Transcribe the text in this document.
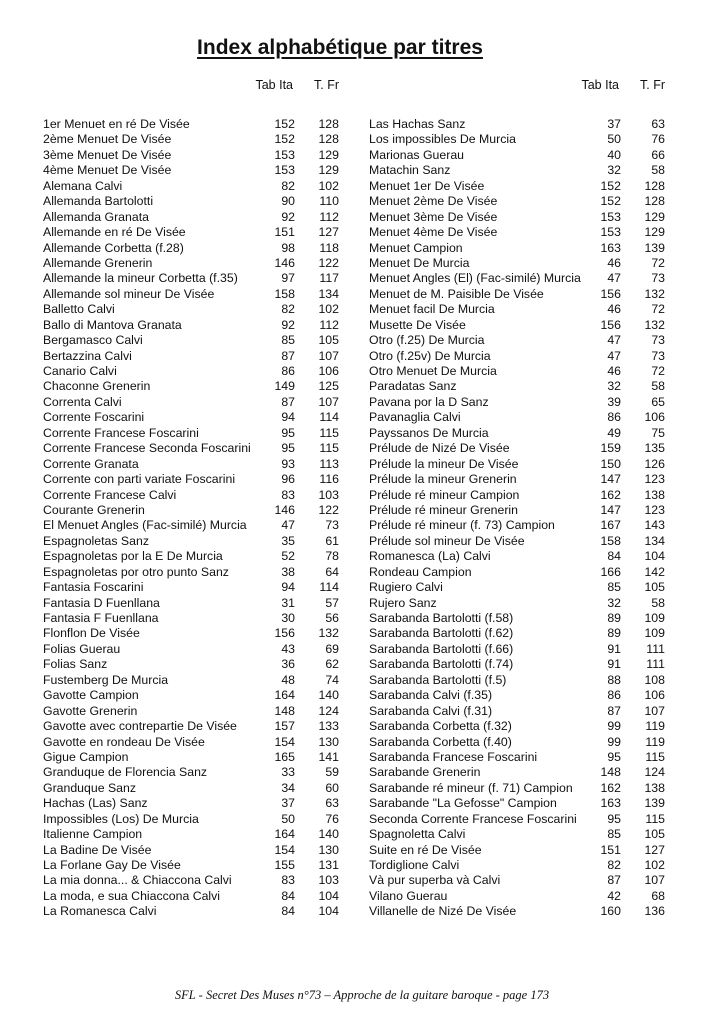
Index alphabétique par titres
Tab Ita T. Fr
1er Menuet en ré De Visée	152 128
2ème Menuet De Visée	152 128
3ème Menuet De Visée	153 129
4ème Menuet De Visée	153 129
Alemana Calvi	82 102
Allemanda Bartolotti	90 110
Allemanda Granata	92 112
Allemande en ré De Visée	151 127
Allemande Corbetta (f.28)	98 118
Allemande Grenerin	146 122
Allemande la mineur Corbetta (f.35)	97 117
Allemande sol mineur De Visée	158 134
Balletto Calvi	82 102
Ballo di Mantova Granata	92 112
Bergamasco Calvi	85 105
Bertazzina Calvi	87 107
Canario Calvi	86 106
Chaconne Grenerin	149 125
Correnta Calvi	87 107
Corrente Foscarini	94 114
Corrente Francese Foscarini	95 115
Corrente Francese Seconda Foscarini 95 115
Corrente Granata	93 113
Corrente con parti variate Foscarini	96 116
Corrente Francese Calvi	83 103
Courante Grenerin	146 122
El Menuet Angles (Fac-similé) Murcia	47 73
Espagnoletas Sanz	35 61
Espagnoletas por la E De Murcia	52 78
Espagnoletas por otro punto Sanz	38 64
Fantasia Foscarini	94 114
Fantasia D Fuenllana	31 57
Fantasia F Fuenllana	30 56
Flonflon De Visée	156 132
Folias Guerau	43 69
Folias Sanz	36 62
Fustemberg De Murcia	48 74
Gavotte Campion	164 140
Gavotte Grenerin	148 124
Gavotte avec contrepartie De Visée	157 133
Gavotte en rondeau De Visée	154 130
Gigue Campion	165 141
Granduque de Florencia Sanz	33 59
Granduque Sanz	34 60
Hachas (Las) Sanz	37 63
Impossibles (Los) De Murcia	50 76
Italienne Campion	164 140
La Badine De Visée	154 130
La Forlane Gay De Visée	155 131
La mia donna... & Chiaccona Calvi	83 103
La moda, e sua Chiaccona Calvi	84 104
La Romanesca Calvi	84 104
Tab Ita T. Fr
Las Hachas Sanz	37 63
Los impossibles De Murcia	50 76
Marionas Guerau	40 66
Matachin Sanz	32 58
Menuet 1er De Visée	152 128
Menuet 2ème De Visée	152 128
Menuet 3ème De Visée	153 129
Menuet 4ème De Visée	153 129
Menuet Campion	163 139
Menuet De Murcia	46 72
Menuet Angles (El) (Fac-similé) Murcia 47 73
Menuet de M. Paisible De Visée	156 132
Menuet facil De Murcia	46 72
Musette De Visée	156 132
Otro (f.25) De Murcia	47 73
Otro (f.25v) De Murcia	47 73
Otro Menuet De Murcia	46 72
Paradatas Sanz	32 58
Pavana por la D Sanz	39 65
Pavanaglia Calvi	86 106
Payssanos De Murcia	49 75
Prélude de Nizé De Visée	159 135
Prélude la mineur De Visée	150 126
Prélude la mineur Grenerin	147 123
Prélude ré mineur Campion	162 138
Prélude ré mineur Grenerin	147 123
Prélude ré mineur (f. 73) Campion	167 143
Prélude sol mineur De Visée	158 134
Romanesca (La) Calvi	84 104
Rondeau Campion	166 142
Rugiero Calvi	85 105
Rujero Sanz	32 58
Sarabanda Bartolotti (f.58)	89 109
Sarabanda Bartolotti (f.62)	89 109
Sarabanda Bartolotti (f.66)	91 111
Sarabanda Bartolotti (f.74)	91 111
Sarabanda Bartolotti (f.5)	88 108
Sarabanda Calvi (f.35)	86 106
Sarabanda Calvi (f.31)	87 107
Sarabanda Corbetta (f.32)	99 119
Sarabanda Corbetta (f.40)	99 119
Sarabanda Francese Foscarini	95 115
Sarabande Grenerin	148 124
Sarabande ré mineur (f. 71) Campion 162 138
Sarabande "La Gefosse" Campion	163 139
Seconda Corrente Francese Foscarini 95 115
Spagnoletta Calvi	85 105
Suite en ré De Visée	151 127
Tordiglione Calvi	82 102
Và pur superba và Calvi	87 107
Vilano Guerau	42 68
Villanelle de Nizé De Visée	160 136
SFL - Secret Des Muses n°73 – Approche de la guitare baroque - page 173
